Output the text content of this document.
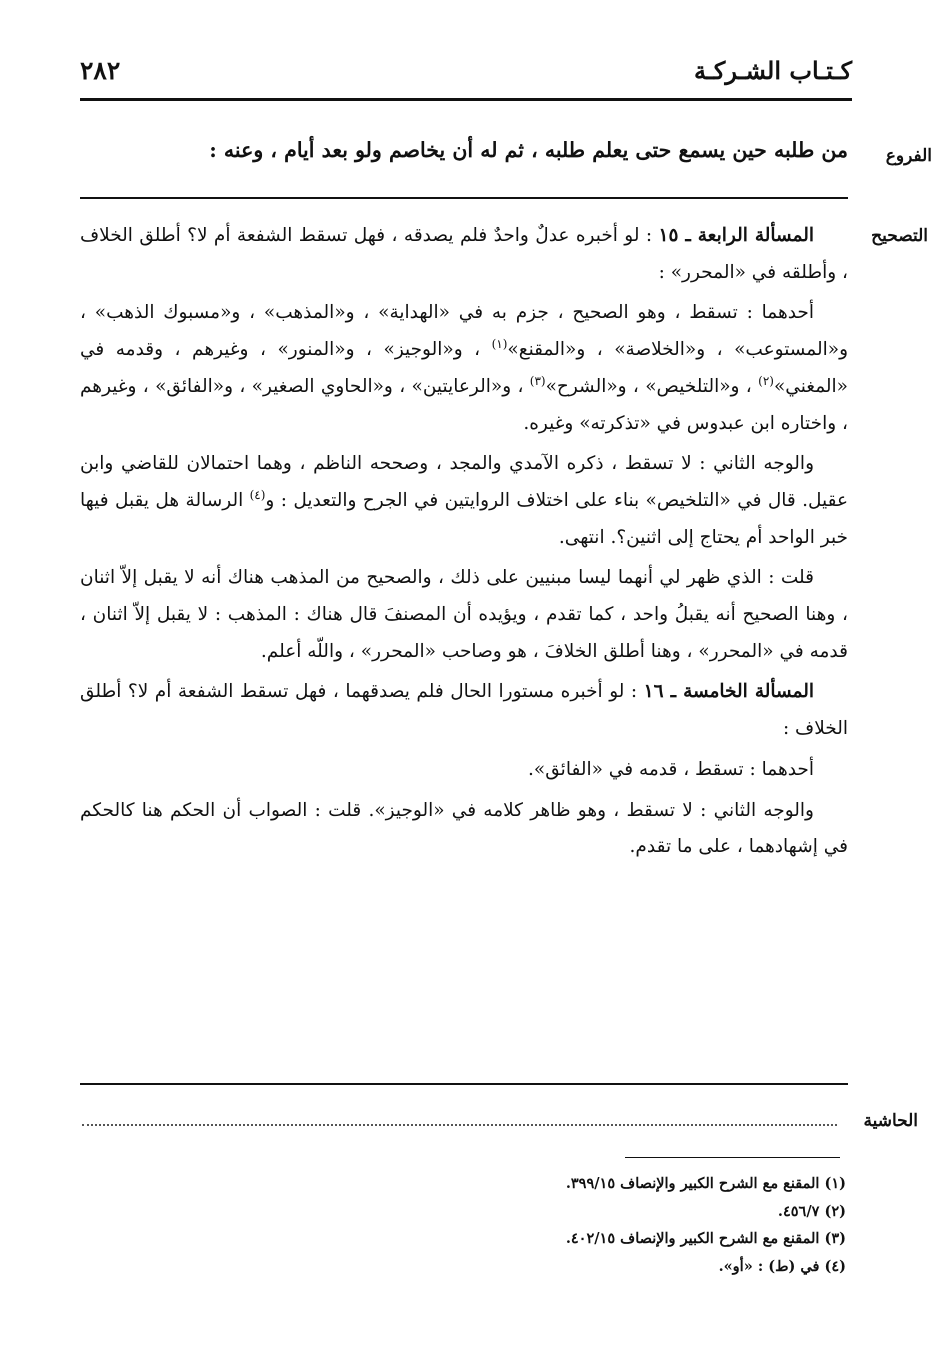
كـتـاب الشـركـة
٢٨٢
الفروع
من طلبه حين يسمع حتى يعلم طلبه ، ثم له أن يخاصم ولو بعد أيام ، وعنه :
التصحيح

المسألة الرابعة ـ ١٥ : لو أخبره عدلٌ واحدٌ فلم يصدقه ، فهل تسقط الشفعة أم لا؟ أطلق الخلاف ، وأطلقه في «المحرر» :

أحدهما : تسقط ، وهو الصحيح ، جزم به في «الهداية» ، و«المذهب» ، و«مسبوك الذهب» ، و«المستوعب» ، و«الخلاصة» ، و«المقنع»$^{(١)}$ ، و«الوجيز» ، و«المنور» ، وغيرهم ، وقدمه في «المغني»$^{(٢)}$ ، و«التلخيص» ، و«الشرح»$^{(٣)}$ ، و«الرعايتين» ، و«الحاوي الصغير» ، و«الفائق» ، وغيرهم ، واختاره ابن عبدوس في «تذكرته» وغيره.

والوجه الثاني : لا تسقط ، ذكره الآمدي والمجد ، وصححه الناظم ، وهما احتمالان للقاضي وابن عقيل. قال في «التلخيص» بناء على اختلاف الروايتين في الجرح والتعديل : و$^{(٤)}$ الرسالة هل يقبل فيها خبر الواحد أم يحتاج إلى اثنين؟. انتهى.

قلت : الذي ظهر لي أنهما ليسا مبنيين على ذلك ، والصحيح من المذهب هناك أنه لا يقبل إلاّ اثنان ، وهنا الصحيح أنه يقبلُ واحد ، كما تقدم ، ويؤيده أن المصنفَ قال هناك : المذهب : لا يقبل إلاّ اثنان ، قدمه في «المحرر» ، وهنا أطلق الخلافَ ، هو وصاحب «المحرر» ، واللّه أعلم.

المسألة الخامسة ـ ١٦ : لو أخبره مستورا الحال فلم يصدقهما ، فهل تسقط الشفعة أم لا؟ أطلق الخلاف :

أحدهما : تسقط ، قدمه في «الفائق».

والوجه الثاني : لا تسقط ، وهو ظاهر كلامه في «الوجيز». قلت : الصواب أن الحكم هنا كالحكم في إشهادهما ، على ما تقدم.

الحاشية
(١) المقنع مع الشرح الكبير والإنصاف ٣٩٩/١٥.
(٢) ٤٥٦/٧.
(٣) المقنع مع الشرح الكبير والإنصاف ٤٠٢/١٥.
(٤) في (ط) : «أو».
